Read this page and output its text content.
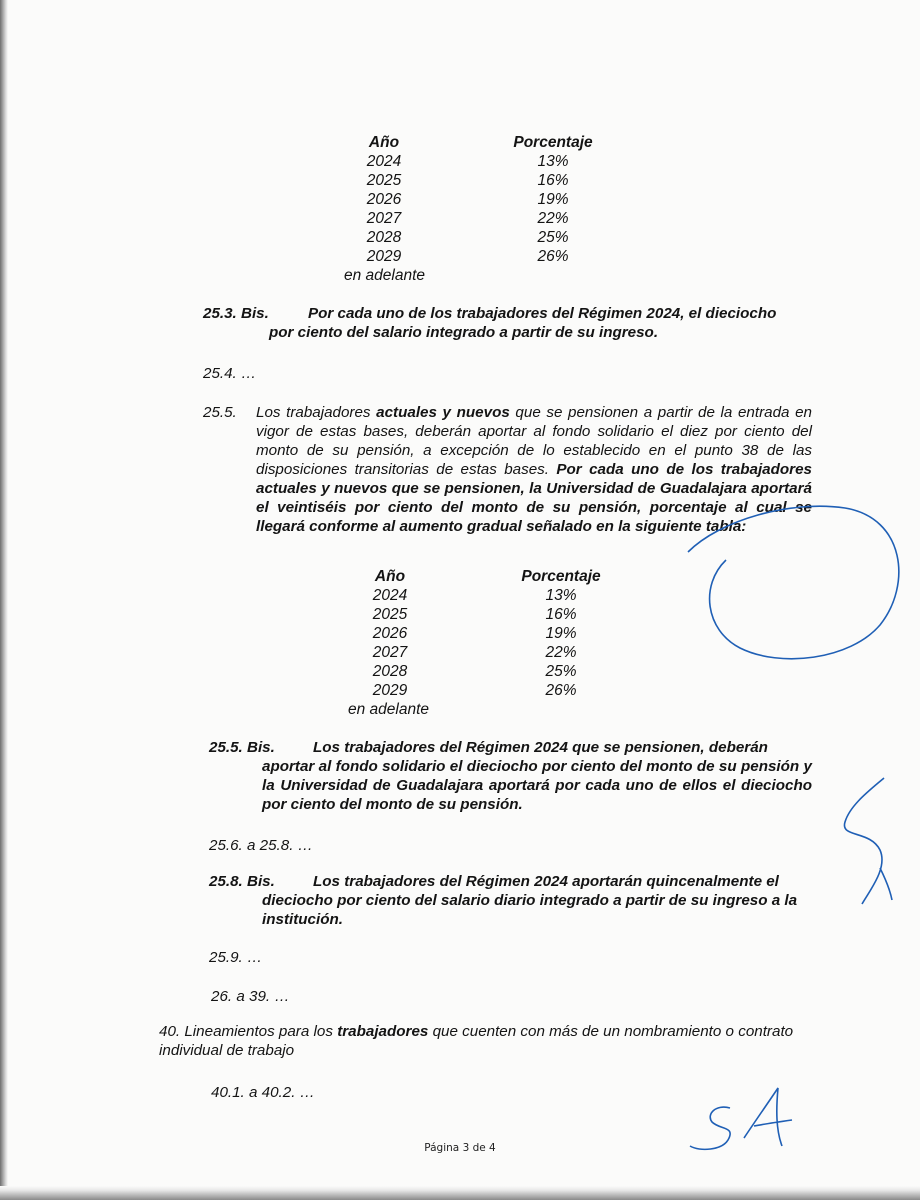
Año	Porcentaje
2024	13%
2025	16%
2026	19%
2027	22%
2028	25%
2029	26%
en adelante
25.3. Bis.	Por cada uno de los trabajadores del Régimen 2024, el dieciocho
por ciento del salario integrado a partir de su ingreso.
25.4. …
25.5. Los trabajadores actuales y nuevos que se pensionen a partir de la entrada en vigor de estas bases, deberán aportar al fondo solidario el diez por ciento del monto de su pensión, a excepción de lo establecido en el punto 38 de las disposiciones transitorias de estas bases. Por cada uno de los trabajadores actuales y nuevos que se pensionen, la Universidad de Guadalajara aportará el veintiséis por ciento del monto de su pensión, porcentaje al cual se llegará conforme al aumento gradual señalado en la siguiente tabla:
Año	Porcentaje
2024	13%
2025	16%
2026	19%
2027	22%
2028	25%
2029	26%
en adelante
25.5. Bis.	Los trabajadores del Régimen 2024 que se pensionen, deberán
aportar al fondo solidario el dieciocho por ciento del monto de su pensión y la Universidad de Guadalajara aportará por cada uno de ellos el dieciocho por ciento del monto de su pensión.
25.6. a 25.8. …
25.8. Bis.	Los trabajadores del Régimen 2024 aportarán quincenalmente el
dieciocho por ciento del salario diario integrado a partir de su ingreso a la institución.
25.9. …
26. a 39. …
40. Lineamientos para los trabajadores que cuenten con más de un nombramiento o contrato individual de trabajo
40.1. a 40.2. …
Página 3 de 4
